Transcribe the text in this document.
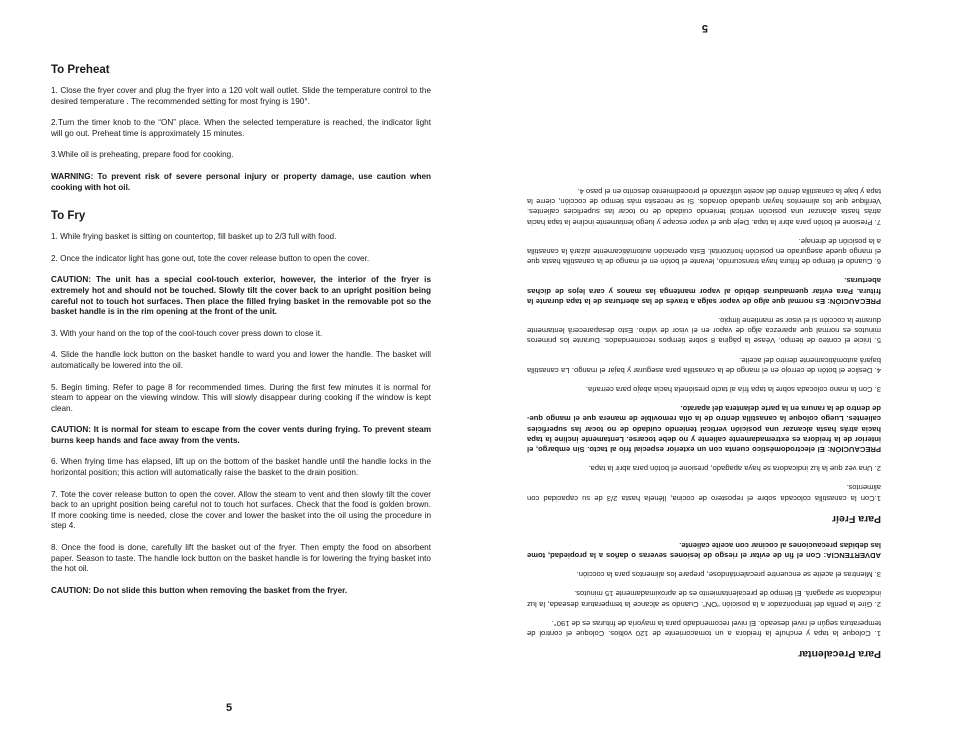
To Preheat

1. Close the fryer cover and plug the fryer into a 120 volt wall outlet. Slide the temperature control to the desired temperature . The recommended setting for most frying is 190°.

2.Turn the timer knob to the “ON” place. When the selected temperature is reached, the indicator light will go out. Preheat time is approximately 15 minutes.

3.While oil is preheating, prepare food for cooking.

WARNING: To prevent risk of severe personal injury or property damage, use caution when cooking with hot oil.

To Fry

1. While frying basket is sitting on countertop, fill basket up to 2/3 full with food.

2. Once the indicator light has gone out, tote the cover release button to open the cover.

CAUTION: The unit has a special cool-touch exterior, however, the interior of the fryer is extremely hot and should not be touched. Slowly tilt the cover back to an upright position being careful not to touch hot surfaces. Then place the filled frying basket in the removable pot so the basket handle is in the rim opening at the front of the unit.

3. With your hand on the top of the cool-touch cover press down to close it.

4. Slide the handle lock button on the basket handle to ward you and lower the handle. The basket will automatically be lowered into the oil.

5. Begin timing. Refer to page 8 for recommended times. During the first few minutes it is normal for steam to appear on the viewing window. This will slowly disappear during cooking if the window is kept clean.

CAUTION: It is normal for steam to escape from the cover vents during frying. To prevent steam burns keep hands and face away from the vents.

6. When frying time has elapsed, lift up on the bottom of the basket handle until the handle locks in the horizontal position; this action will automatically raise the basket to the drain position.

7. Tote the cover release button to open the cover. Allow the steam to vent and then slowly tilt the cover back to an upright position being careful not to touch hot surfaces. Check that the food is golden brown. If more cooking time is needed, close the cover and lower the basket into the oil using the procedure in step 4.

8. Once the food is done, carefully lift the basket out of the fryer. Then empty the food on absorbent paper. Season to taste. The handle lock button on the basket handle is for lowering the frying basket into the hot oil.

CAUTION: Do not slide this button when removing the basket from the fryer.

5
Para Precalentar

1. Coloque la tapa y enchufe la freidora a un tomacorriente de 120 voltios. Coloque el control de temperatura según el nivel deseado. El nivel recomendado para la mayoría de frituras es de 190°.

2. Gire la perilla del temporizador a la posición “ON”. Cuando se alcance la temperatura deseada, la luz indicadora se apagará. El tiempo de precalentamiento es de aproximadamente 15 minutos.

3. Mientras el aceite se encuentre precalentándose, prepare los alimentos para la cocción.

ADVERTENCIA: Con el fin de evitar el riesgo de lesiones severas o daños a la propiedad, tome las debidas precauciones al cocinar con aceite caliente.

Para Freír

1.Con la canastilla colocada sobre el repostero de cocina, llénela hasta 2/3 de su capacidad con alimentos.

2. Una vez que la luz indicadora se haya apagado, presione el botón para abrir la tapa.

PRECAUCIÓN: El electrodoméstico cuenta con un exterior especial frío al tacto. Sin embargo, el interior de la freidora es extremadamente caliente y no debe tocarse. Lentamente incline la tapa hacia atrás hasta alcanzar una posición vertical teniendo cuidado de no tocar las superficies calientes. Luego coloque la canastilla dentro de la olla removible de manera que el mango que- de dentro de la ranura en la parte delantera del aparato.

3. Con la mano colocada sobre la tapa fría al tacto presiónela hacia abajo para cerrarla.

4. Deslice el botón de cerrojo en el mango de la canastilla para asegurar y bajar el mango. La canastilla bajará automáticamente dentro del aceite.

5. Inicie el conteo de tiempo. Véase la página 8 sobre tiempos recomendados. Durante los primeros minutos es normal que aparezca algo de vapor en el visor de vidrio. Esto desaparecerá lentamente durante la cocción si el visor se mantiene limpio.

PRECAUCIÓN: Es normal que algo de vapor salga a través de las aberturas de la tapa durante la fritura. Para evitar quemaduras debido al vapor mantenga las manos y cara lejos de dichas aberturas.

6. Cuando el tiempo de fritura haya transcurrido, levante el botón en el mango de la canastilla hasta que el mango quede asegurado en posición horizontal. Esta operación automáticamente alzará la canastilla a la posición de drenaje.

7. Presione el botón para abrir la tapa. Deje que el vapor escape y luego lentamente incline la tapa hacia atrás hasta alcanzar una posición vertical teniendo cuidado de no tocar las superficies calientes. Verifique que los alimentos hayan quedado dorados. Si se necesita más tiempo de cocción, cierre la tapa y baje la canastilla dentro del aceite utilizando el procedimiento descrito en el paso 4.

5
